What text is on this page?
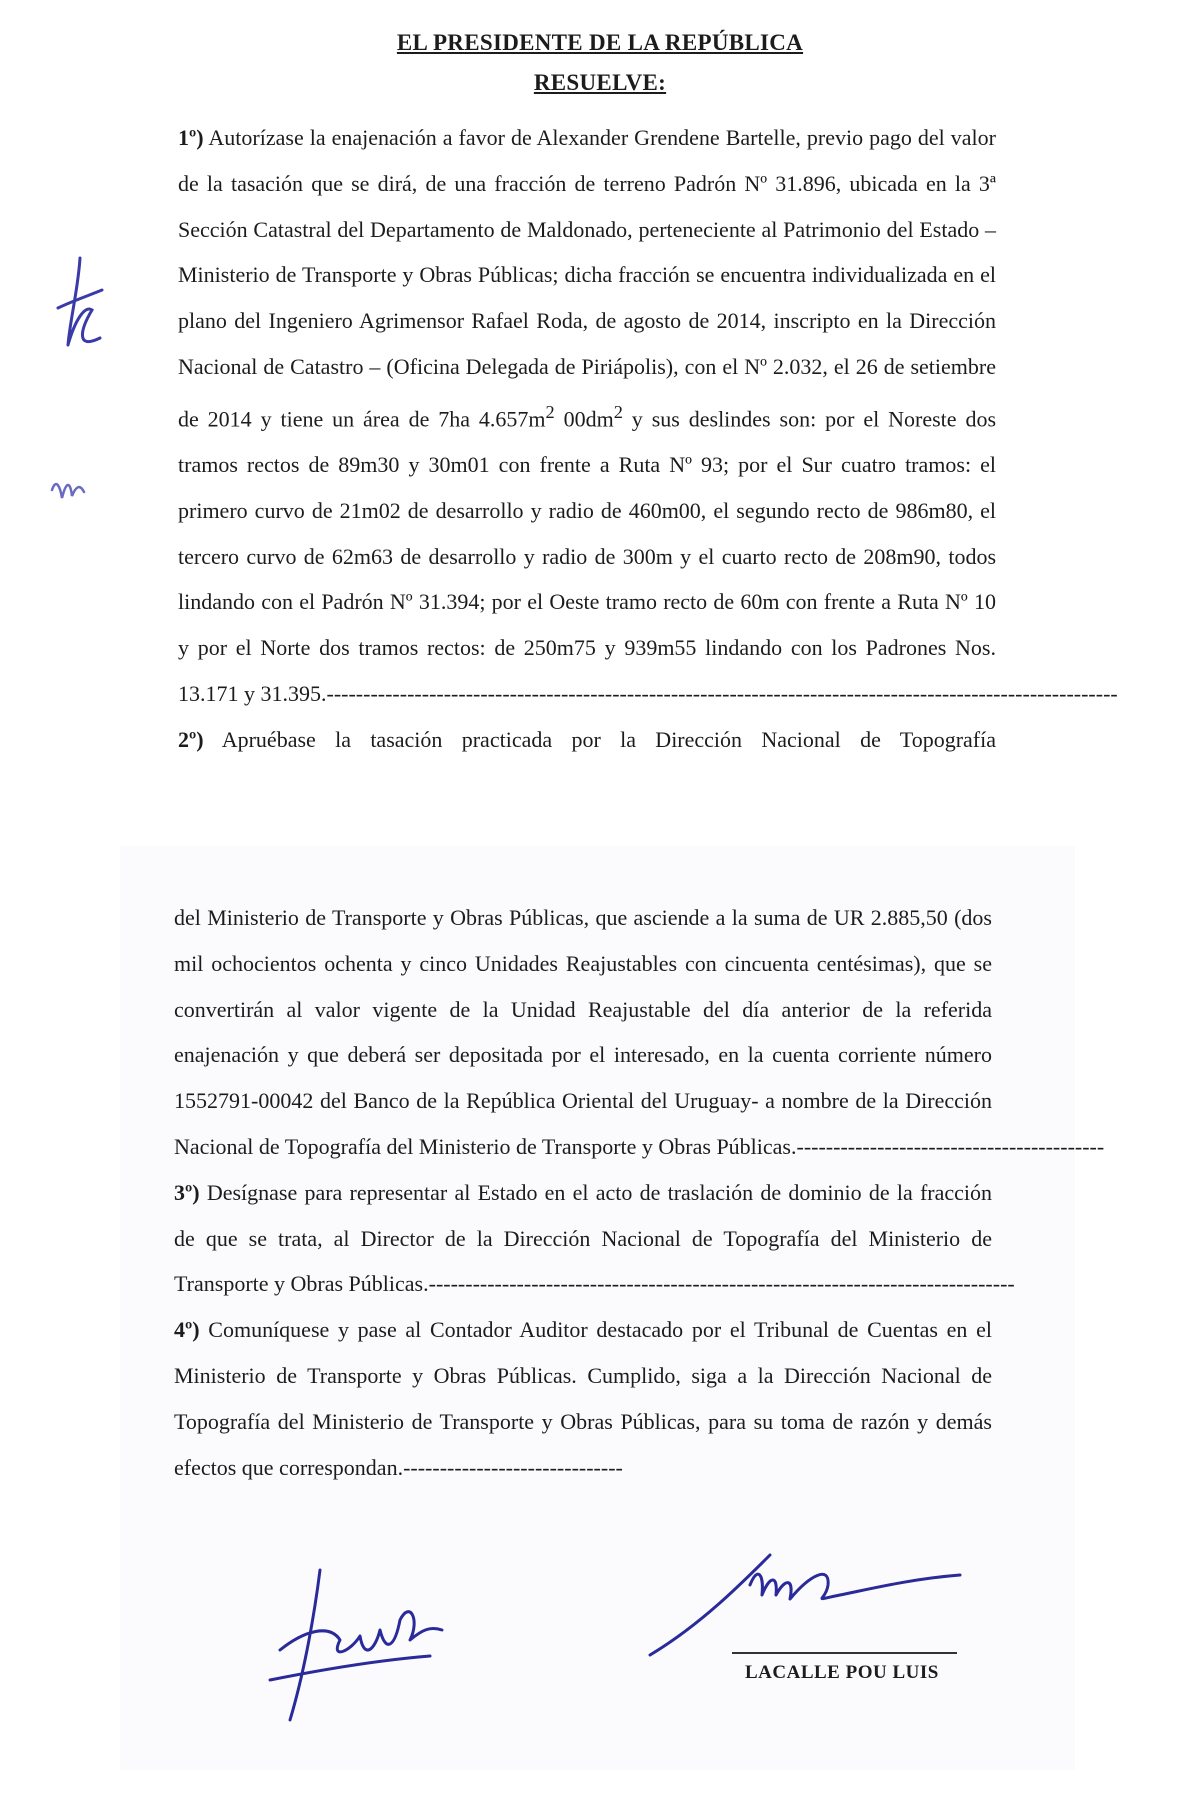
EL PRESIDENTE DE LA REPÚBLICA
RESUELVE:

1º) Autorízase la enajenación a favor de Alexander Grendene Bartelle, previo pago del valor de la tasación que se dirá, de una fracción de terreno Padrón Nº 31.896, ubicada en la 3ª Sección Catastral del Departamento de Maldonado, perteneciente al Patrimonio del Estado – Ministerio de Transporte y Obras Públicas; dicha fracción se encuentra individualizada en el plano del Ingeniero Agrimensor Rafael Roda, de agosto de 2014, inscripto en la Dirección Nacional de Catastro – (Oficina Delegada de Piriápolis), con el Nº 2.032, el 26 de setiembre de 2014 y tiene un área de 7ha $4.657m^2$ $00dm^2$ y sus deslindes son: por el Noreste dos tramos rectos de 89m30 y 30m01 con frente a Ruta Nº 93; por el Sur cuatro tramos: el primero curvo de 21m02 de desarrollo y radio de 460m00, el segundo recto de 986m80, el tercero curvo de 62m63 de desarrollo y radio de 300m y el cuarto recto de 208m90, todos lindando con el Padrón Nº 31.394; por el Oeste tramo recto de 60m con frente a Ruta Nº 10 y por el Norte dos tramos rectos: de 250m75 y 939m55 lindando con los Padrones Nos. 13.171 y 31.395.------------------------------------------------------------------------------------------------------------

2º) Apruébase la tasación practicada por la Dirección Nacional de Topografía

del Ministerio de Transporte y Obras Públicas, que asciende a la suma de UR 2.885,50 (dos mil ochocientos ochenta y cinco Unidades Reajustables con cincuenta centésimas), que se convertirán al valor vigente de la Unidad Reajustable del día anterior de la referida enajenación y que deberá ser depositada por el interesado, en la cuenta corriente número 1552791-00042 del Banco de la República Oriental del Uruguay- a nombre de la Dirección Nacional de Topografía del Ministerio de Transporte y Obras Públicas.------------------------------------------

3º) Desígnase para representar al Estado en el acto de traslación de dominio de la fracción de que se trata, al Director de la Dirección Nacional de Topografía del Ministerio de Transporte y Obras Públicas.--------------------------------------------------------------------------------

4º) Comuníquese y pase al Contador Auditor destacado por el Tribunal de Cuentas en el Ministerio de Transporte y Obras Públicas. Cumplido, siga a la Dirección Nacional de Topografía del Ministerio de Transporte y Obras Públicas, para su toma de razón y demás efectos que correspondan.------------------------------

LACALLE POU LUIS
